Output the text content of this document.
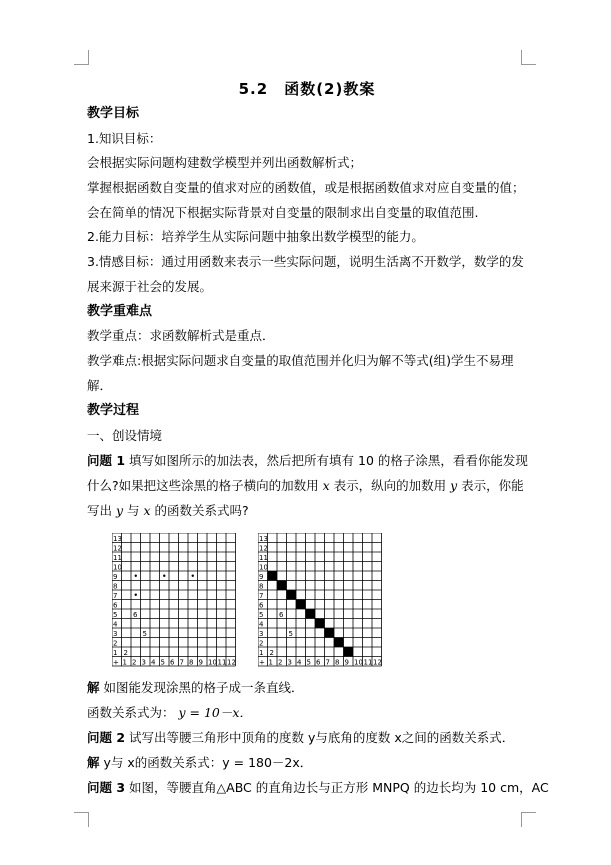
5.2　函数(2)教案
教学目标
1.知识目标：
会根据实际问题构建数学模型并列出函数解析式；
掌握根据函数自变量的值求对应的函数值，或是根据函数值求对应自变量的值；
会在简单的情况下根据实际背景对自变量的限制求出自变量的取值范围.
2.能力目标：培养学生从实际问题中抽象出数学模型的能力。
3.情感目标：通过用函数来表示一些实际问题，说明生活离不开数学，数学的发
展来源于社会的发展。
教学重难点
教学重点：求函数解析式是重点．
教学难点:根据实际问题求自变量的取值范围并化归为解不等式(组)学生不易理
解．
教学过程
一、创设情境
问题 1 填写如图所示的加法表，然后把所有填有 10 的格子涂黑，看看你能发现
什么?如果把这些涂黑的格子横向的加数用 x 表示，纵向的加数用 y 表示，你能
写出 y 与 x 的函数关系式吗?
解 如图能发现涂黑的格子成一条直线．
函数关系式为： y = 10－x．
问题 2 试写出等腰三角形中顶角的度数 y与底角的度数 x之间的函数关系式．
解 y与 x的函数关系式：y = 180－2x．
问题 3 如图，等腰直角△ABC 的直角边长与正方形 MNPQ 的边长均为 10 cm，AC
13
12
11
10
9
8
7
6
5
4
3
2
1
+ 1 2 3 4 5 6 7 8 9 10 11 12
6
5
2
13
12
11
10
9
8
7
6
5
4
3
2
1
+ 1 2 3 4 5 6 7 8 9 10 11 12
6
5
2
